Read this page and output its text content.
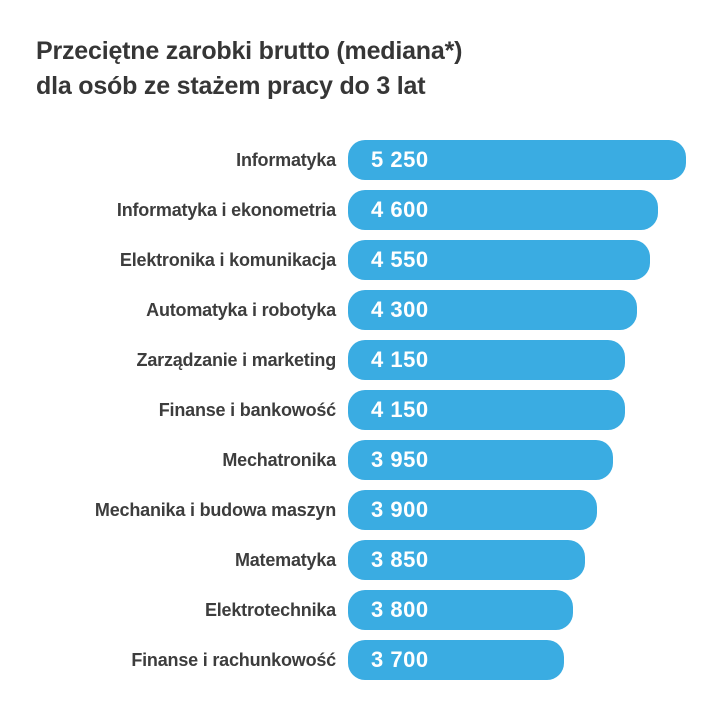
Przeciętne zarobki brutto (mediana*)
dla osób ze stażem pracy do 3 lat
Informatyka	5 250
Informatyka i ekonometria	4 600
Elektronika i komunikacja	4 550
Automatyka i robotyka	4 300
Zarządzanie i marketing	4 150
Finanse i bankowość	4 150
Mechatronika	3 950
Mechanika i budowa maszyn	3 900
Matematyka	3 850
Elektrotechnika	3 800
Finanse i rachunkowość	3 700
